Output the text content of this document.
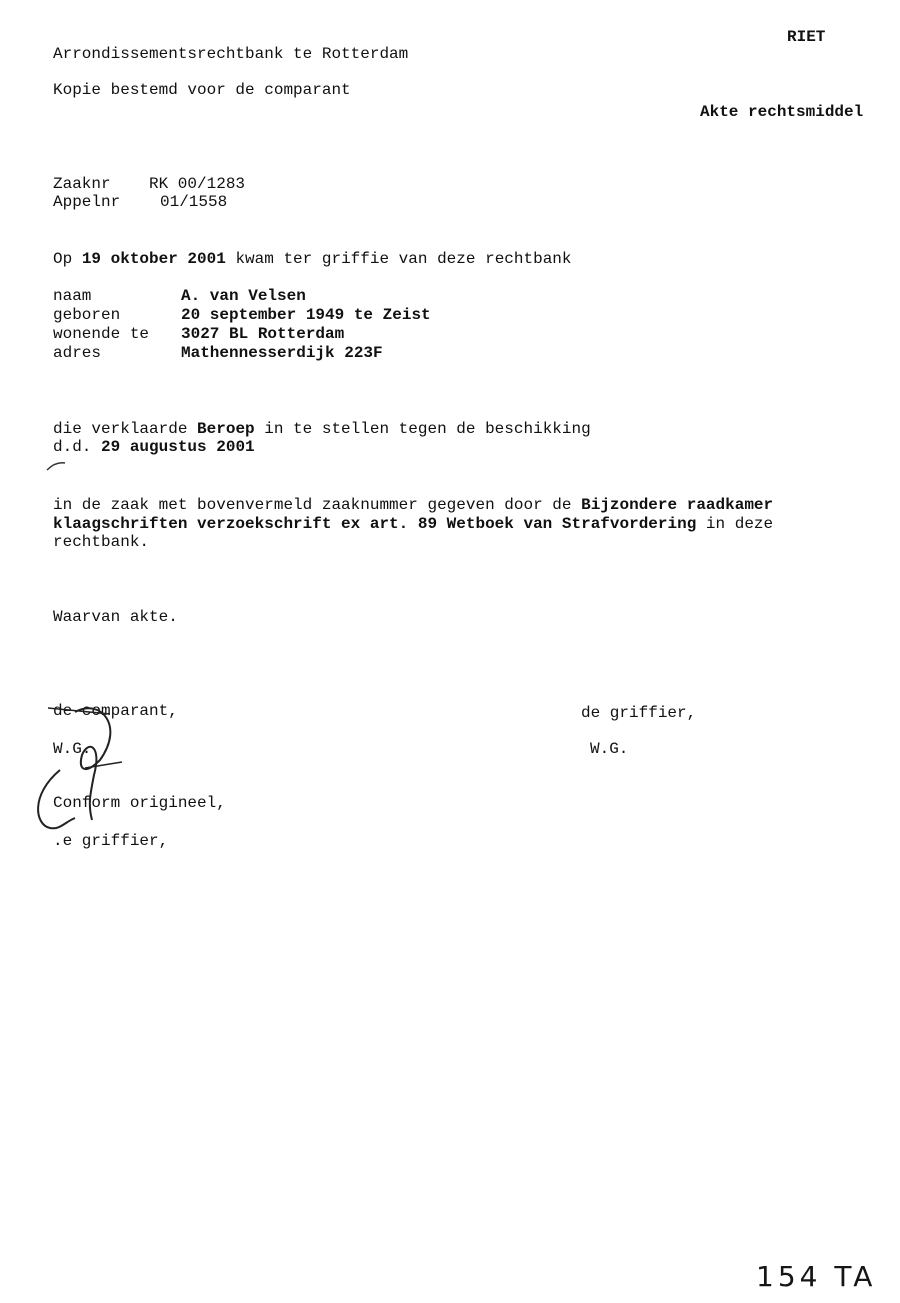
RIET
Arrondissementsrechtbank te Rotterdam
Kopie bestemd voor de comparant
Akte rechtsmiddel
Zaaknr RK 00/1283
Appelnr 01/1558
Op 19 oktober 2001 kwam ter griffie van deze rechtbank
naam	A. van Velsen
geboren	20 september 1949 te Zeist
wonende te 3027 BL Rotterdam
adres	Mathennesserdijk 223F
die verklaarde Beroep in te stellen tegen de beschikking
d.d. 29 augustus 2001
in de zaak met bovenvermeld zaaknummer gegeven door de Bijzondere raadkamer
klaagschriften verzoekschrift ex art. 89 Wetboek van Strafvordering in deze
rechtbank.
Waarvan akte.
de comparant,	de griffier,
W.G.	W.G.
Conform origineel,
.e griffier,
154 TA
